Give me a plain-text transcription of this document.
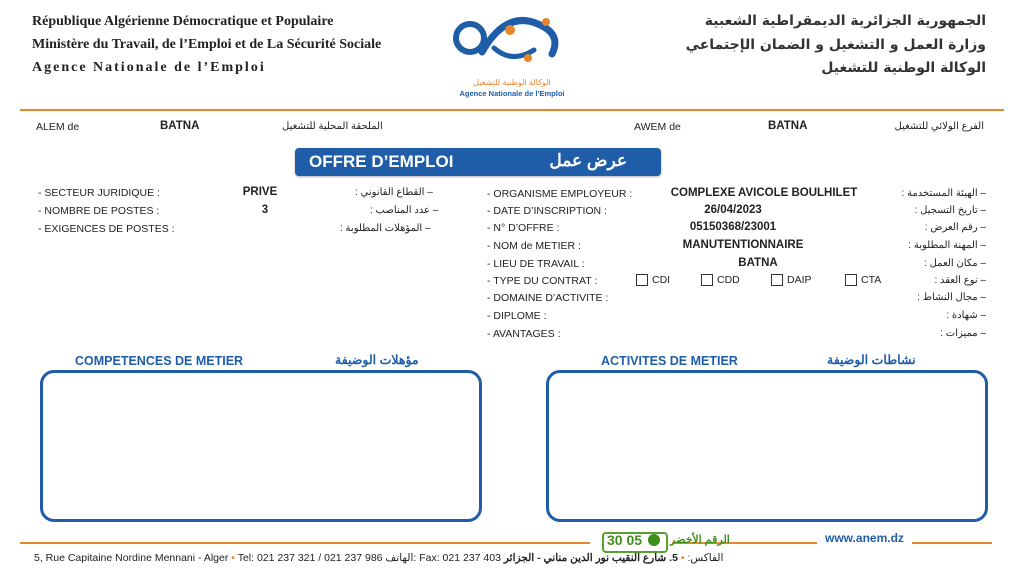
République Algérienne Démocratique et Populaire
Ministère du Travail, de l’Emploi et de La Sécurité Sociale
Agence Nationale de l’Emploi
الجمهورية الجزائرية الديمقراطية الشعبية
وزارة العمل و التشغيل و الضمان الإجتماعي
الوكالة الوطنية للتشغيل
الوكالة الوطنية للتشغيل
Agence Nationale de l’Emploi
ALEM de	BATNA	الملحقة المحلية للتشغيل	AWEM de	BATNA	الفرع الولائي للتشغيل
OFFRE D’EMPLOI	عرض عمل
- SECTEUR JURIDIQUE :	PRIVE	– القطاع القانوني :
- NOMBRE DE POSTES :	3	– عدد المناصب :
- EXIGENCES DE POSTES :	– المؤهلات المطلوبة :
- ORGANISME EMPLOYEUR :	COMPLEXE AVICOLE BOULHILET	– الهيئة المستخدمة :
- DATE D’INSCRIPTION :	26/04/2023	– تاريخ التسجيل :
- N° D’OFFRE :	05150368/23001	– رقم العرض :
- NOM de METIER :	MANUTENTIONNAIRE	– المهنة المطلوبة :
- LIEU DE TRAVAIL :	BATNA	– مكان العمل :
- TYPE DU CONTRAT :	CDI	CDD	DAIP	CTA	– نوع العقد :
- DOMAINE D’ACTIVITE :	– مجال النشاط :
- DIPLOME :	– شهادة :
- AVANTAGES :	– مميزات :
COMPETENCES DE METIER	مؤهلات الوضيفة	ACTIVITES DE METIER	نشاطات الوضيفة
30 05	الرقم الأخضر	www.anem.dz
5, Rue Capitaine Nordine Mennani - Alger • Tel: 021 237 321 / 021 237 986 الهاتف: Fax: 021 237 403	الفاكس: • 5. شارع النقيب نور الدين مناني - الجزائر
